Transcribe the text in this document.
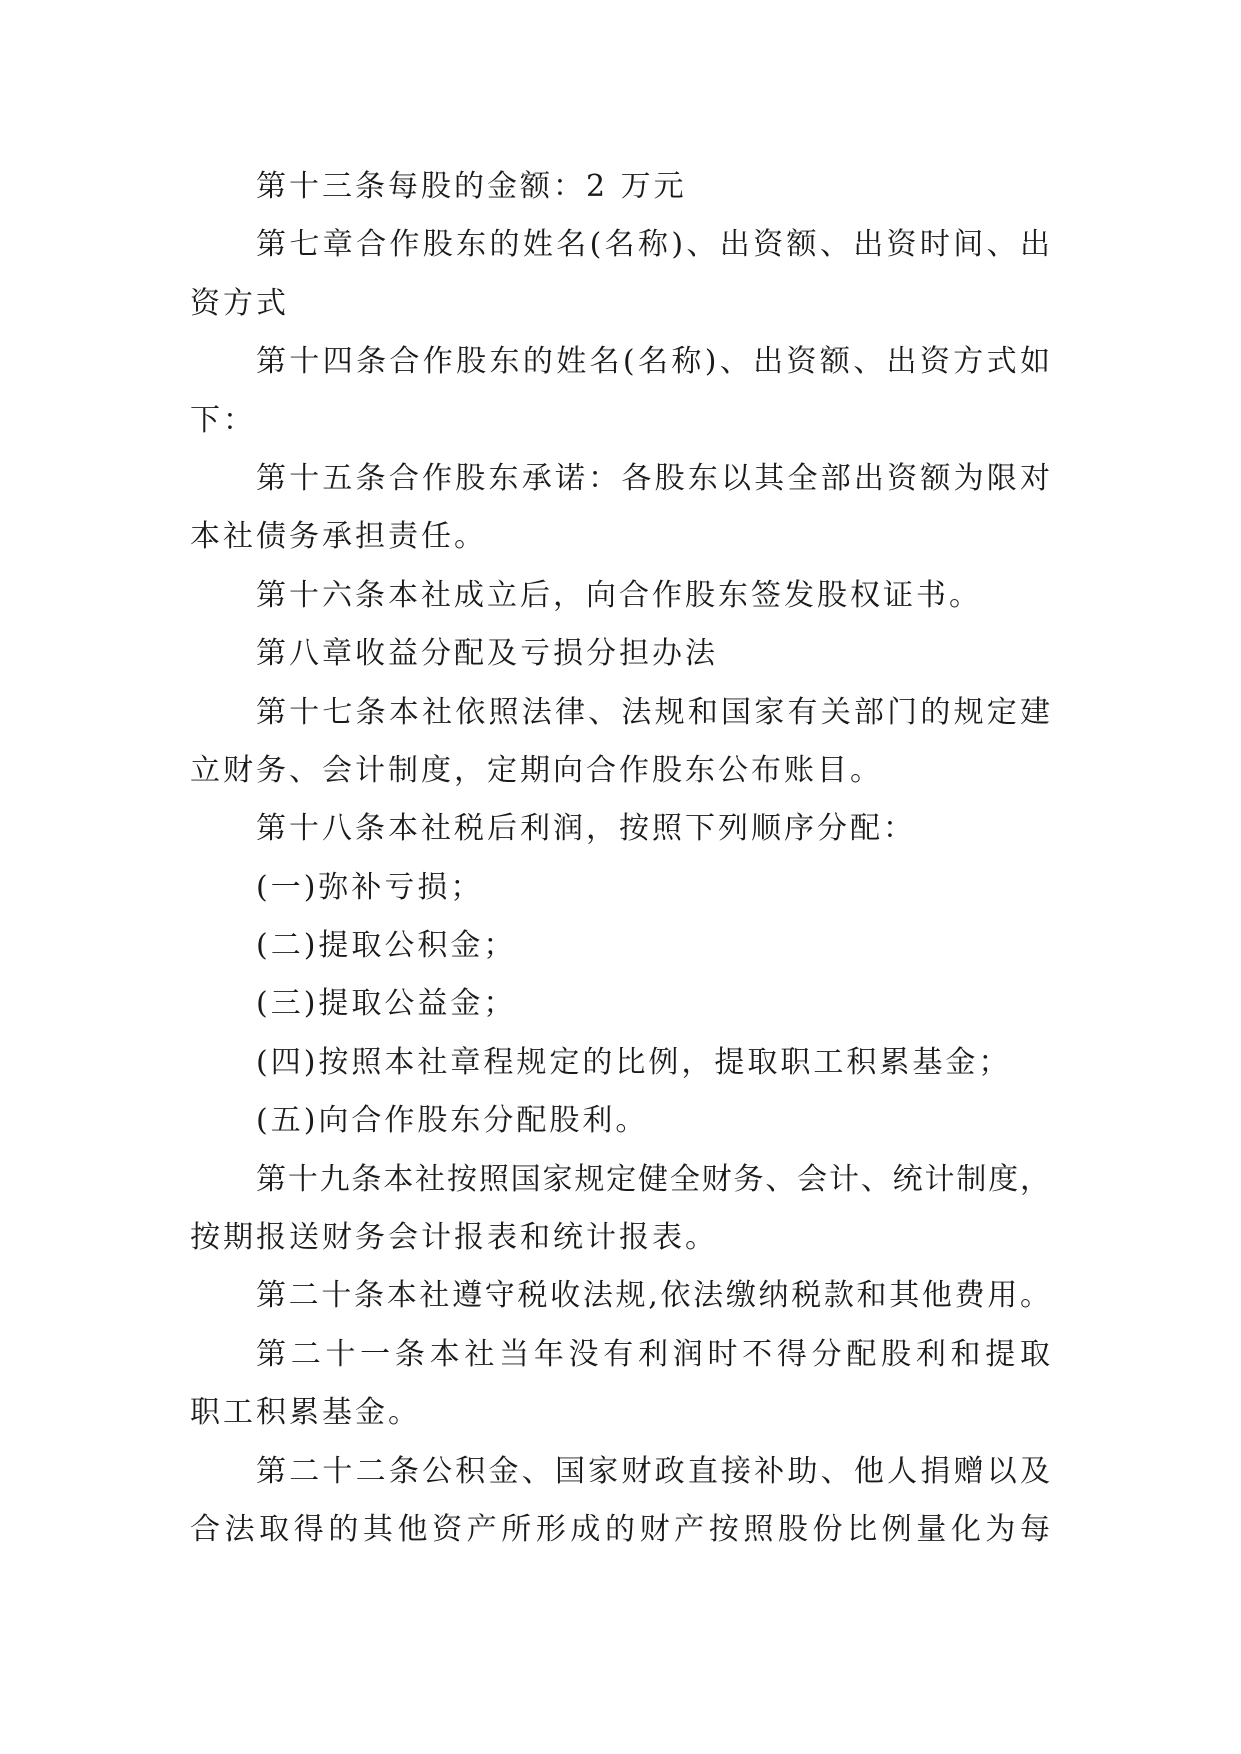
第十三条每股的金额：2 万元
第七章合作股东的姓名(名称)、出资额、出资时间、出
资方式
第十四条合作股东的姓名(名称)、出资额、出资方式如
下：
第十五条合作股东承诺：各股东以其全部出资额为限对
本社债务承担责任。
第十六条本社成立后，向合作股东签发股权证书。
第八章收益分配及亏损分担办法
第十七条本社依照法律、法规和国家有关部门的规定建
立财务、会计制度，定期向合作股东公布账目。
第十八条本社税后利润，按照下列顺序分配：
(一)弥补亏损；
(二)提取公积金；
(三)提取公益金；
(四)按照本社章程规定的比例，提取职工积累基金；
(五)向合作股东分配股利。
第十九条本社按照国家规定健全财务、会计、统计制度，
按期报送财务会计报表和统计报表。
第二十条本社遵守税收法规,依法缴纳税款和其他费用。
第二十一条本社当年没有利润时不得分配股利和提取
职工积累基金。
第二十二条公积金、国家财政直接补助、他人捐赠以及
合法取得的其他资产所形成的财产按照股份比例量化为每
